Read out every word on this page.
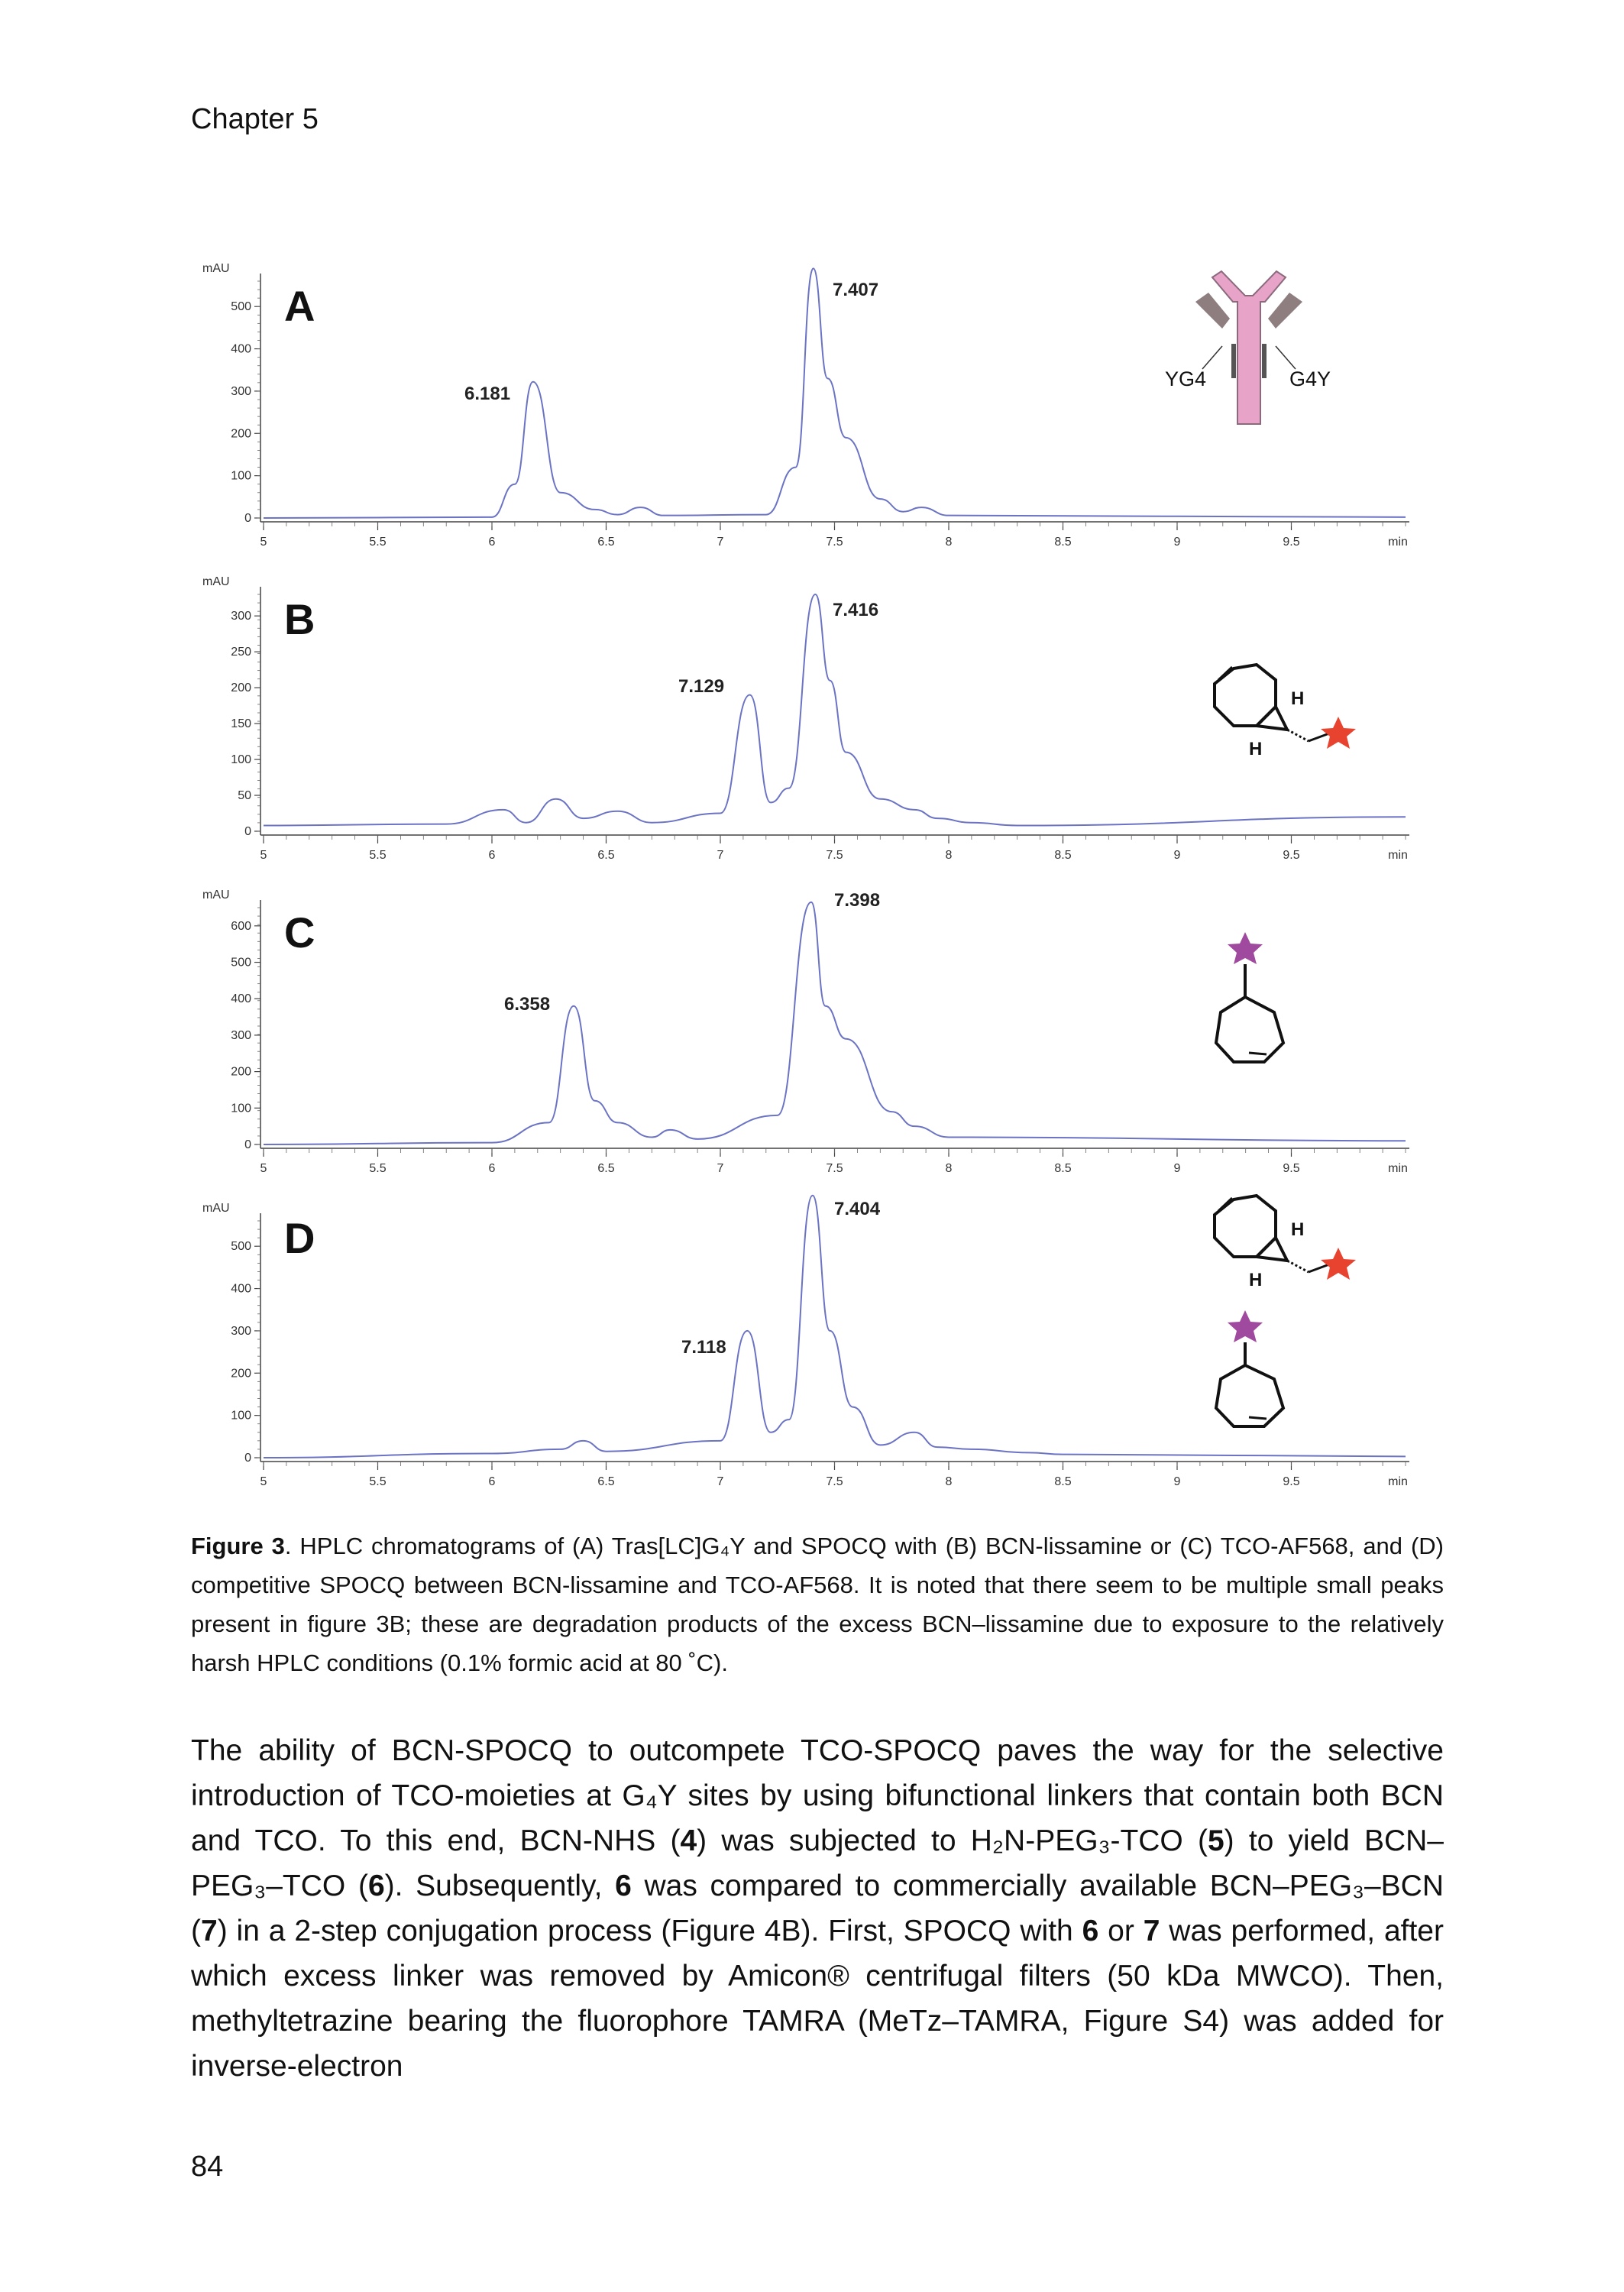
Chapter 5
mAU
0
100
200
300
400
500
5	5.5	6	6.5	7	7.5	8	8.5	9	9.5	min
A
6.181
7.407
YG4	G4Y
mAU
0
50
100
150
200
250
300
5	5.5	6	6.5	7	7.5	8	8.5	9	9.5	min
B
7.129
7.416
H
H
mAU
0
100
200
300
400
500
600
5	5.5	6	6.5	7	7.5	8	8.5	9	9.5	min
C
6.358
7.398
mAU
0
100
200
300
400
500
5	5.5	6	6.5	7	7.5	8	8.5	9	9.5	min
D
7.118
7.404
H
H
Figure 3. HPLC chromatograms of (A) Tras[LC]G₄Y and SPOCQ with (B) BCN-lissamine or (C) TCO-AF568, and (D) competitive SPOCQ between BCN-lissamine and TCO-AF568. It is noted that there seem to be multiple small peaks present in figure 3B; these are degradation products of the excess BCN–lissamine due to exposure to the relatively harsh HPLC conditions (0.1% formic acid at 80 ˚C).
The ability of BCN-SPOCQ to outcompete TCO-SPOCQ paves the way for the selective introduction of TCO-moieties at G₄Y sites by using bifunctional linkers that contain both BCN and TCO. To this end, BCN-NHS (4) was subjected to H₂N-PEG₃-TCO (5) to yield BCN–PEG₃–TCO (6). Subsequently, 6 was compared to commercially available BCN–PEG₃–BCN (7) in a 2-step conjugation process (Figure 4B). First, SPOCQ with 6 or 7 was performed, after which excess linker was removed by Amicon® centrifugal filters (50 kDa MWCO). Then, methyltetrazine bearing the fluorophore TAMRA (MeTz–TAMRA, Figure S4) was added for inverse-electron
84
